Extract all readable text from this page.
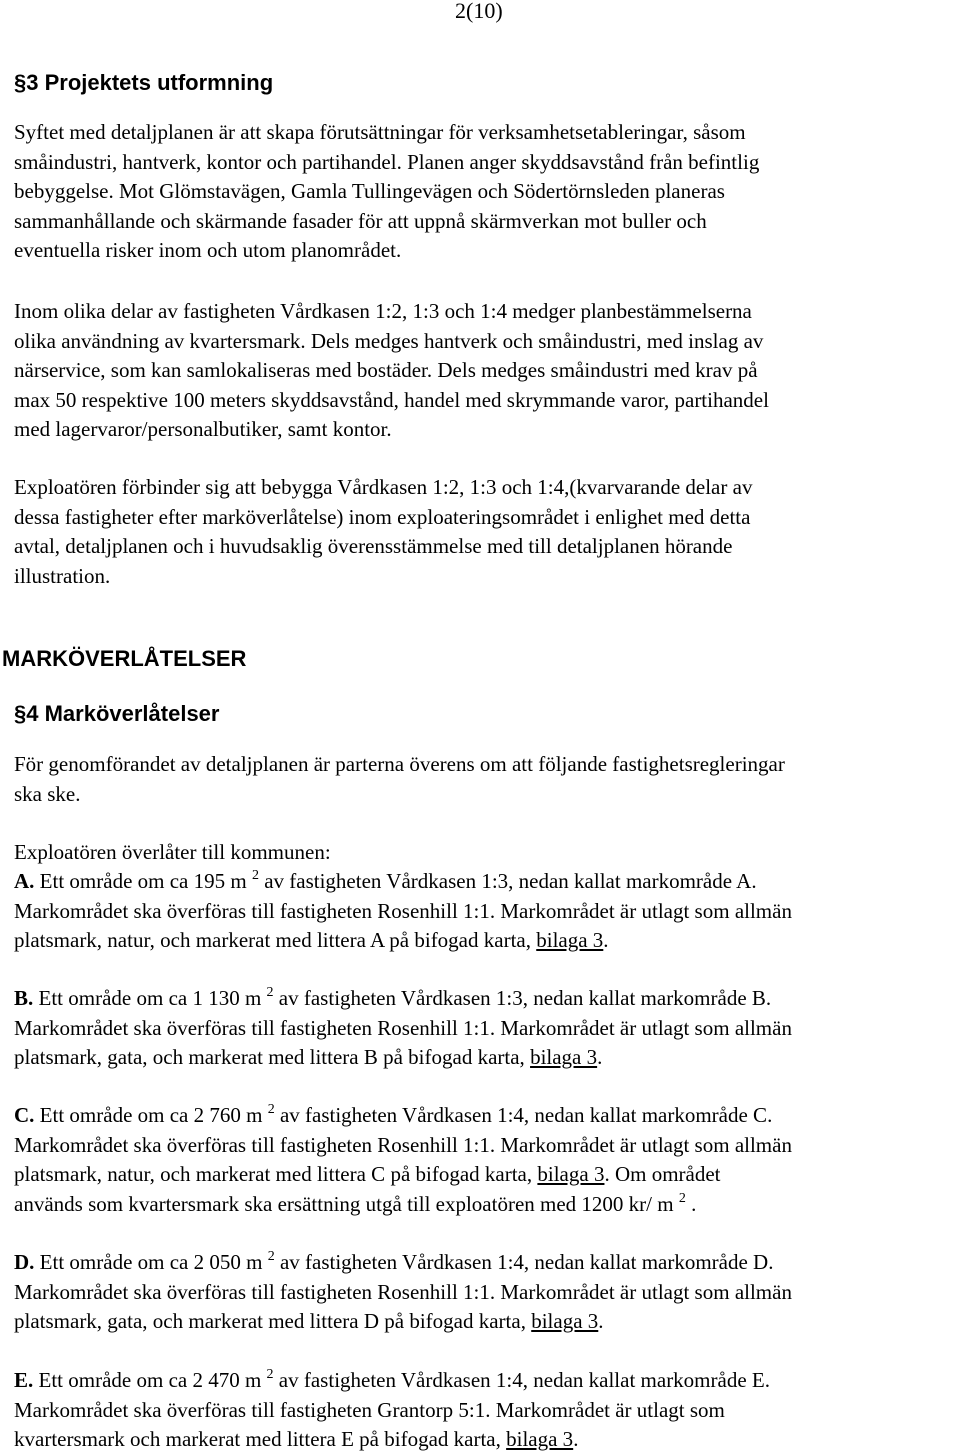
2(10)
§3 Projektets utformning
Syftet med detaljplanen är att skapa förutsättningar för verksamhetsetableringar, såsom
småindustri, hantverk, kontor och partihandel. Planen anger skyddsavstånd från befintlig
bebyggelse. Mot Glömstavägen, Gamla Tullingevägen och Södertörnsleden planeras
sammanhållande och skärmande fasader för att uppnå skärmverkan mot buller och
eventuella risker inom och utom planområdet.
Inom olika delar av fastigheten Vårdkasen 1:2, 1:3 och 1:4 medger planbestämmelserna
olika användning av kvartersmark. Dels medges hantverk och småindustri, med inslag av
närservice, som kan samlokaliseras med bostäder. Dels medges småindustri med krav på
max 50 respektive 100 meters skyddsavstånd, handel med skrymmande varor, partihandel
med lagervaror/personalbutiker, samt kontor.
Exploatören förbinder sig att bebygga Vårdkasen 1:2, 1:3 och 1:4,(kvarvarande delar av
dessa fastigheter efter marköverlåtelse) inom exploateringsområdet i enlighet med detta
avtal, detaljplanen och i huvudsaklig överensstämmelse med till detaljplanen hörande
illustration.
MARKÖVERLÅTELSER
§4 Marköverlåtelser
För genomförandet av detaljplanen är parterna överens om att följande fastighetsregleringar
ska ske.
Exploatören överlåter till kommunen:
A. Ett område om ca 195 m $^2$ av fastigheten Vårdkasen 1:3, nedan kallat markområde A.
Markområdet ska överföras till fastigheten Rosenhill 1:1. Markområdet är utlagt som allmän
platsmark, natur, och markerat med littera A på bifogad karta, bilaga 3.
B. Ett område om ca 1 130 m $^2$ av fastigheten Vårdkasen 1:3, nedan kallat markområde B.
Markområdet ska överföras till fastigheten Rosenhill 1:1. Markområdet är utlagt som allmän
platsmark, gata, och markerat med littera B på bifogad karta, bilaga 3.
C. Ett område om ca 2 760 m $^2$ av fastigheten Vårdkasen 1:4, nedan kallat markområde C.
Markområdet ska överföras till fastigheten Rosenhill 1:1. Markområdet är utlagt som allmän
platsmark, natur, och markerat med littera C på bifogad karta, bilaga 3. Om området
används som kvartersmark ska ersättning utgå till exploatören med 1200 kr/ m $^2$ .
D. Ett område om ca 2 050 m $^2$ av fastigheten Vårdkasen 1:4, nedan kallat markområde D.
Markområdet ska överföras till fastigheten Rosenhill 1:1. Markområdet är utlagt som allmän
platsmark, gata, och markerat med littera D på bifogad karta, bilaga 3.
E. Ett område om ca 2 470 m $^2$ av fastigheten Vårdkasen 1:4, nedan kallat markområde E.
Markområdet ska överföras till fastigheten Grantorp 5:1. Markområdet är utlagt som
kvartersmark och markerat med littera E på bifogad karta, bilaga 3.
